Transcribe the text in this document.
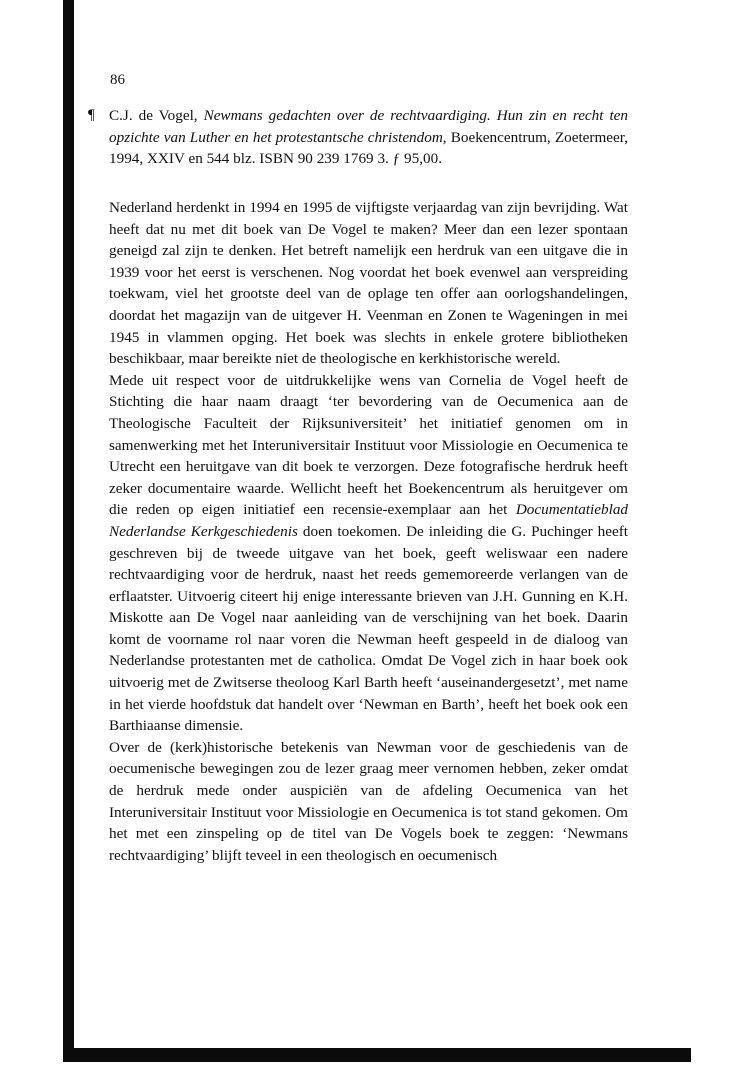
86
¶ C.J. de Vogel, Newmans gedachten over de rechtvaardiging. Hun zin en recht ten opzichte van Luther en het protestantsche christendom, Boekencentrum, Zoetermeer, 1994, XXIV en 544 blz. ISBN 90 239 1769 3. ƒ 95,00.

Nederland herdenkt in 1994 en 1995 de vijftigste verjaardag van zijn bevrijding. Wat heeft dat nu met dit boek van De Vogel te maken? Meer dan een lezer spontaan geneigd zal zijn te denken. Het betreft namelijk een herdruk van een uitgave die in 1939 voor het eerst is verschenen. Nog voordat het boek evenwel aan verspreiding toekwam, viel het grootste deel van de oplage ten offer aan oorlogshandelingen, doordat het magazijn van de uitgever H. Veenman en Zonen te Wageningen in mei 1945 in vlammen opging. Het boek was slechts in enkele grotere bibliotheken beschikbaar, maar bereikte niet de theologische en kerkhistorische wereld.

Mede uit respect voor de uitdrukkelijke wens van Cornelia de Vogel heeft de Stichting die haar naam draagt ‘ter bevordering van de Oecumenica aan de Theologische Faculteit der Rijksuniversiteit’ het initiatief genomen om in samenwerking met het Interuniversitair Instituut voor Missiologie en Oecumenica te Utrecht een heruitgave van dit boek te verzorgen. Deze fotografische herdruk heeft zeker documentaire waarde. Wellicht heeft het Boekencentrum als heruitgever om die reden op eigen initiatief een recensie-exemplaar aan het Documentatieblad Nederlandse Kerkgeschiedenis doen toekomen. De inleiding die G. Puchinger heeft geschreven bij de tweede uitgave van het boek, geeft weliswaar een nadere rechtvaardiging voor de herdruk, naast het reeds gememoreerde verlangen van de erflaatster. Uitvoerig citeert hij enige interessante brieven van J.H. Gunning en K.H. Miskotte aan De Vogel naar aanleiding van de verschijning van het boek. Daarin komt de voorname rol naar voren die Newman heeft gespeeld in de dialoog van Nederlandse protestanten met de catholica. Omdat De Vogel zich in haar boek ook uitvoerig met de Zwitserse theoloog Karl Barth heeft ‘auseinandergesetzt’, met name in het vierde hoofdstuk dat handelt over ‘Newman en Barth’, heeft het boek ook een Barthiaanse dimensie.

Over de (kerk)historische betekenis van Newman voor de geschiedenis van de oecumenische bewegingen zou de lezer graag meer vernomen hebben, zeker omdat de herdruk mede onder auspiciën van de afdeling Oecumenica van het Interuniversitair Instituut voor Missiologie en Oecumenica is tot stand gekomen. Om het met een zinspeling op de titel van De Vogels boek te zeggen: ‘Newmans rechtvaardiging’ blijft teveel in een theologisch en oecumenisch
